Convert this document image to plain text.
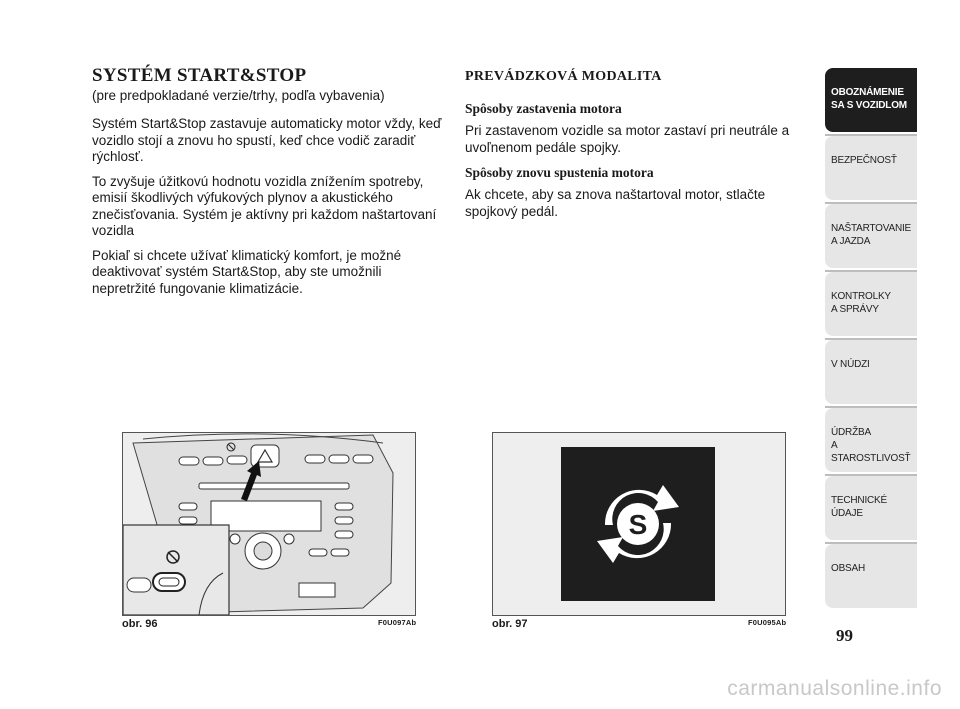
SYSTÉM START&STOP
(pre predpokladané verzie/trhy, podľa vybavenia)

Systém Start&Stop zastavuje automaticky motor vždy, keď vozidlo stojí a znovu ho spustí, keď chce vodič zaradiť rýchlosť.

To zvyšuje úžitkovú hodnotu vozidla znížením spotreby, emisií škodlivých výfukových plynov a akustického znečisťovania. Systém je aktívny pri každom naštartovaní vozidla

Pokiaľ si chcete užívať klimatický komfort, je možné deaktivovať systém Start&Stop, aby ste umožnili nepretržité fungovanie klimatizácie.

PREVÁDZKOVÁ MODALITA
Spôsoby zastavenia motora

Pri zastavenom vozidle sa motor zastaví pri neutrále a uvoľnenom pedále spojky.

Spôsoby znovu spustenia motora

Ak chcete, aby sa znova naštartoval motor, stlačte spojkový pedál.

obr. 96	F0U097Ab
S
obr. 97	F0U095Ab
OBOZNÁMENIE
SA S VOZIDLOM
BEZPEČNOSŤ
NAŠTARTOVANIE
A JAZDA
KONTROLKY
A SPRÁVY
V NÚDZI
ÚDRŽBA
A STAROSTLIVOSŤ
TECHNICKÉ
ÚDAJE
OBSAH
99
carmanualsonline.info
